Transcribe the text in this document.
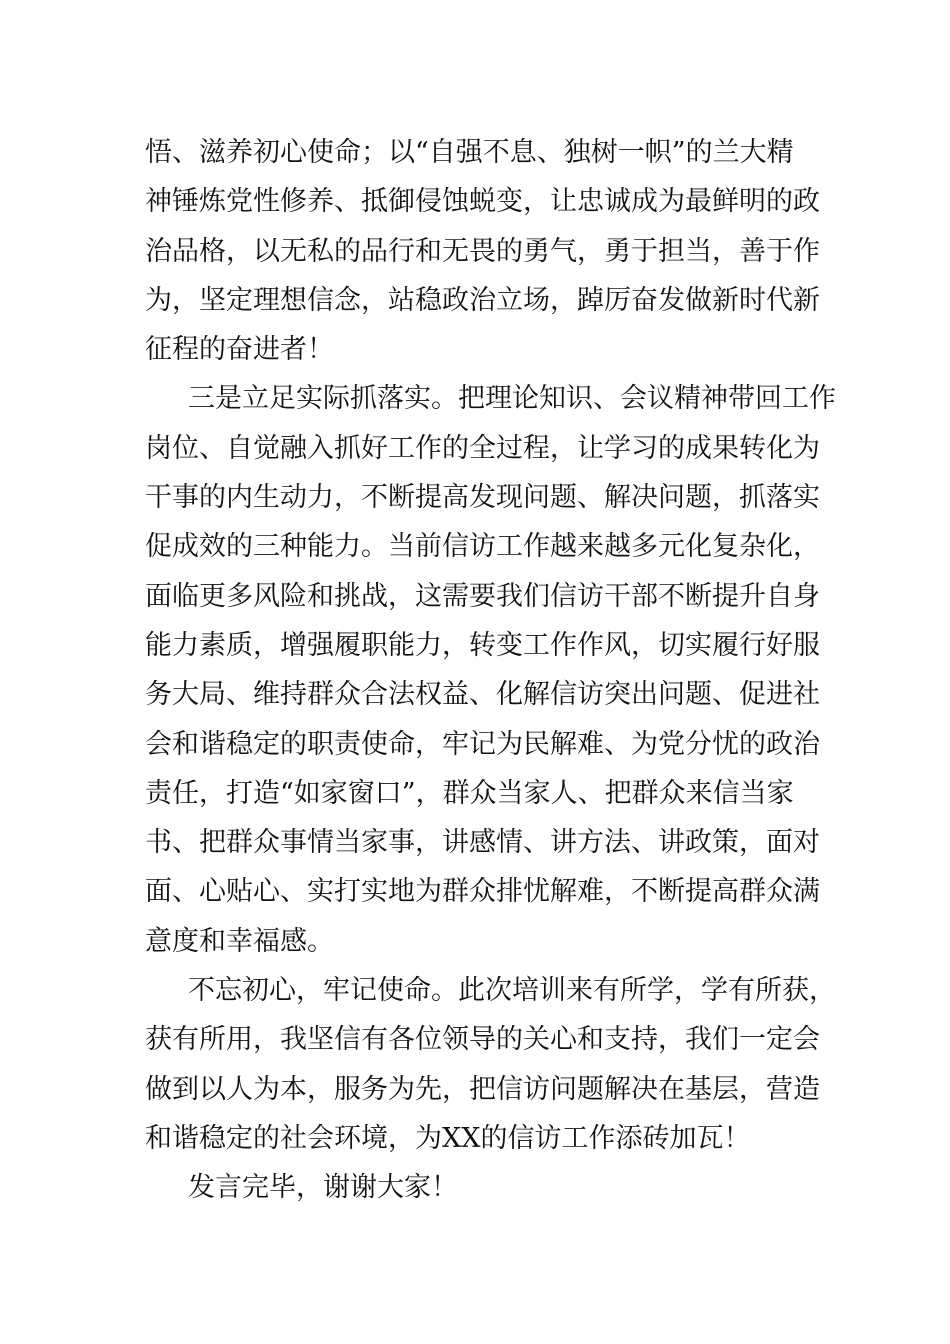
悟、滋养初心使命；以“自强不息、独树一帜”的兰大精
神锤炼党性修养、抵御侵蚀蜕变，让忠诚成为最鲜明的政
治品格，以无私的品行和无畏的勇气，勇于担当，善于作
为，坚定理想信念，站稳政治立场，踔厉奋发做新时代新
征程的奋进者！
三是立足实际抓落实。把理论知识、会议精神带回工作
岗位、自觉融入抓好工作的全过程，让学习的成果转化为
干事的内生动力，不断提高发现问题、解决问题，抓落实
促成效的三种能力。当前信访工作越来越多元化复杂化，
面临更多风险和挑战，这需要我们信访干部不断提升自身
能力素质，增强履职能力，转变工作作风，切实履行好服
务大局、维持群众合法权益、化解信访突出问题、促进社
会和谐稳定的职责使命，牢记为民解难、为党分忧的政治
责任，打造“如家窗口”，群众当家人、把群众来信当家
书、把群众事情当家事，讲感情、讲方法、讲政策，面对
面、心贴心、实打实地为群众排忧解难，不断提高群众满
意度和幸福感。
不忘初心，牢记使命。此次培训来有所学，学有所获，
获有所用，我坚信有各位领导的关心和支持，我们一定会
做到以人为本，服务为先，把信访问题解决在基层，营造
和谐稳定的社会环境，为XX的信访工作添砖加瓦！
发言完毕，谢谢大家！
